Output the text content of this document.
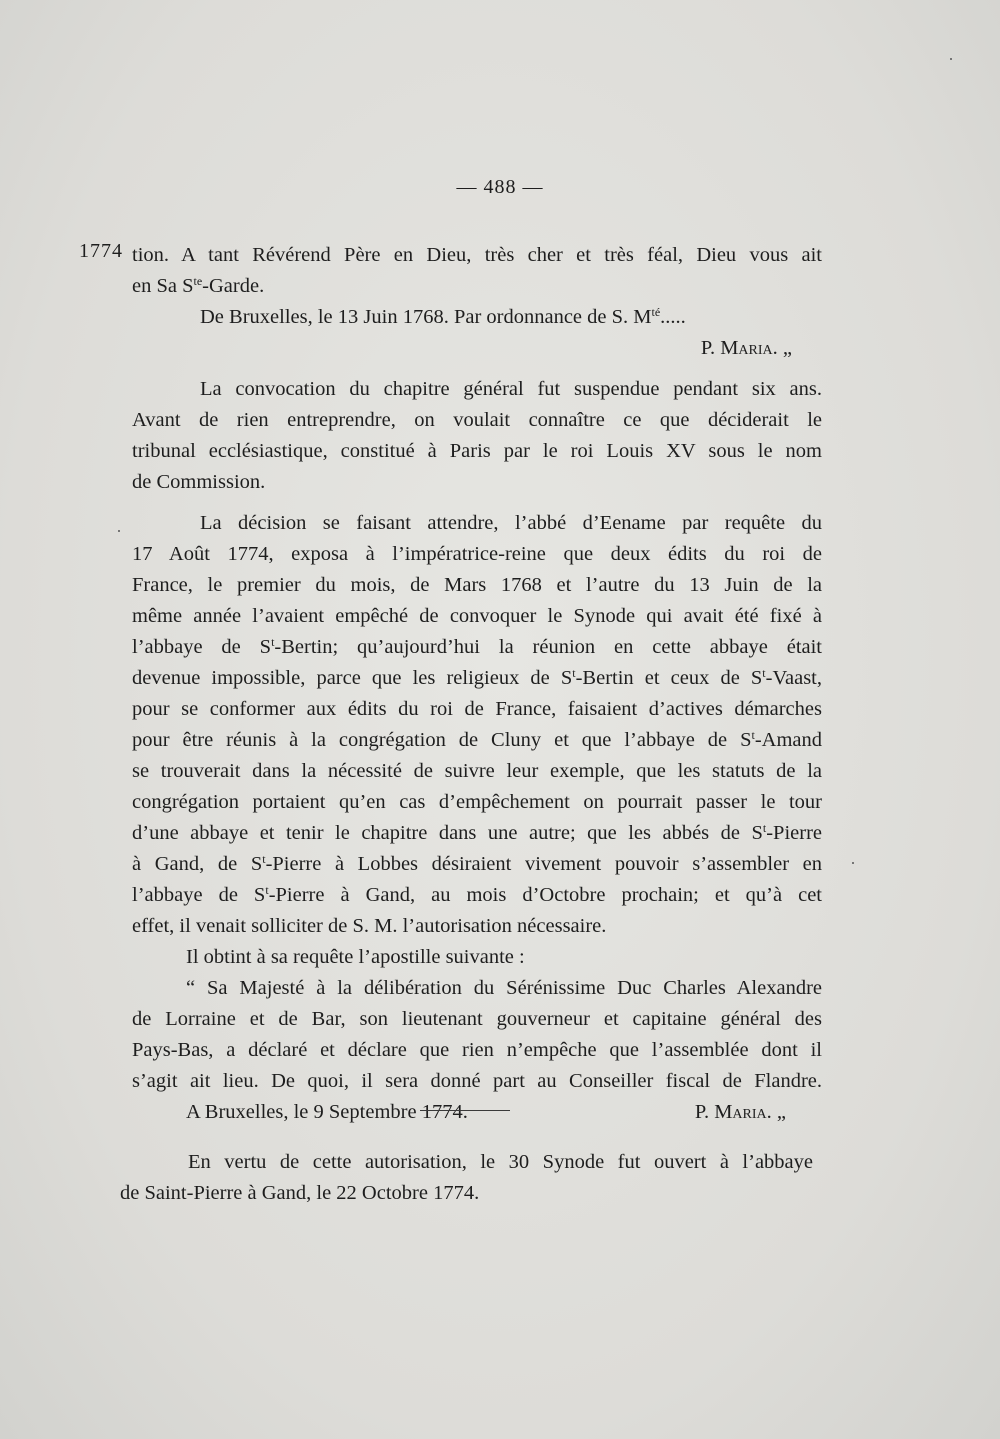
— 488 —
1774 tion. A tant Révérend Père en Dieu, très cher et très féal, Dieu vous ait
en Sa $S^{te}$-Garde.
De Bruxelles, le 13 Juin 1768. Par ordonnance de S. $M^{té}$.....
P. Maria. „
La convocation du chapitre général fut suspendue pendant six ans.
Avant de rien entreprendre, on voulait connaître ce que déciderait le
tribunal ecclésiastique, constitué à Paris par le roi Louis XV sous le nom
de Commission.
La décision se faisant attendre, l’abbé d’Eename par requête du
17 Août 1774, exposa à l’impératrice-reine que deux édits du roi de
France, le premier du mois, de Mars 1768 et l’autre du 13 Juin de la
même année l’avaient empêché de convoquer le Synode qui avait été fixé à
l’abbaye de $S^t$-Bertin; qu’aujourd’hui la réunion en cette abbaye était
devenue impossible, parce que les religieux de $S^t$-Bertin et ceux de $S^t$-Vaast,
pour se conformer aux édits du roi de France, faisaient d’actives démarches
pour être réunis à la congrégation de Cluny et que l’abbaye de $S^t$-Amand
se trouverait dans la nécessité de suivre leur exemple, que les statuts de la
congrégation portaient qu’en cas d’empêchement on pourrait passer le tour
d’une abbaye et tenir le chapitre dans une autre; que les abbés de $S^t$-Pierre
à Gand, de $S^t$-Pierre à Lobbes désiraient vivement pouvoir s’assembler en
l’abbaye de $S^t$-Pierre à Gand, au mois d’Octobre prochain; et qu’à cet
effet, il venait solliciter de S. M. l’autorisation nécessaire.
Il obtint à sa requête l’apostille suivante :
“ Sa Majesté à la délibération du Sérénissime Duc Charles Alexandre
de Lorraine et de Bar, son lieutenant gouverneur et capitaine général des
Pays-Bas, a déclaré et déclare que rien n’empêche que l’assemblée dont il
s’agit ait lieu. De quoi, il sera donné part au Conseiller fiscal de Flandre.
A Bruxelles, le 9 Septembre 1774.	P. Maria. „
En vertu de cette autorisation, le 30 Synode fut ouvert à l’abbaye
de Saint-Pierre à Gand, le 22 Octobre 1774.
